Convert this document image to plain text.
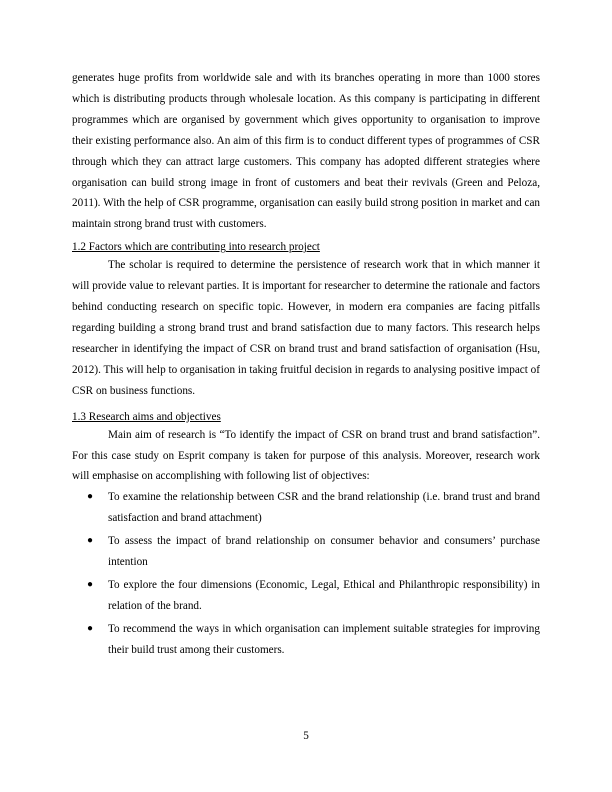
generates huge profits from worldwide sale and with its branches operating in more than 1000 stores which is distributing products through wholesale location. As this company is participating in different programmes which are organised by government which gives opportunity to organisation to improve their existing performance also. An aim of this firm is to conduct different types of programmes of CSR through which they can attract large customers. This company has adopted different strategies where organisation can build strong image in front of customers and beat their revivals (Green and Peloza, 2011). With the help of CSR programme, organisation can easily build strong position in market and can maintain strong brand trust with customers.

1.2 Factors which are contributing into research project

The scholar is required to determine the persistence of research work that in which manner it will provide value to relevant parties. It is important for researcher to determine the rationale and factors behind conducting research on specific topic. However, in modern era companies are facing pitfalls regarding building a strong brand trust and brand satisfaction due to many factors. This research helps researcher in identifying the impact of CSR on brand trust and brand satisfaction of organisation (Hsu, 2012). This will help to organisation in taking fruitful decision in regards to analysing positive impact of CSR on business functions.

1.3 Research aims and objectives

Main aim of research is “To identify the impact of CSR on brand trust and brand satisfaction”. For this case study on Esprit company is taken for purpose of this analysis. Moreover, research work will emphasise on accomplishing with following list of objectives:

● To examine the relationship between CSR and the brand relationship (i.e. brand trust and brand satisfaction and brand attachment)

● To assess the impact of brand relationship on consumer behavior and consumers’ purchase intention

● To explore the four dimensions (Economic, Legal, Ethical and Philanthropic responsibility) in relation of the brand.

● To recommend the ways in which organisation can implement suitable strategies for improving their build trust among their customers.

5
